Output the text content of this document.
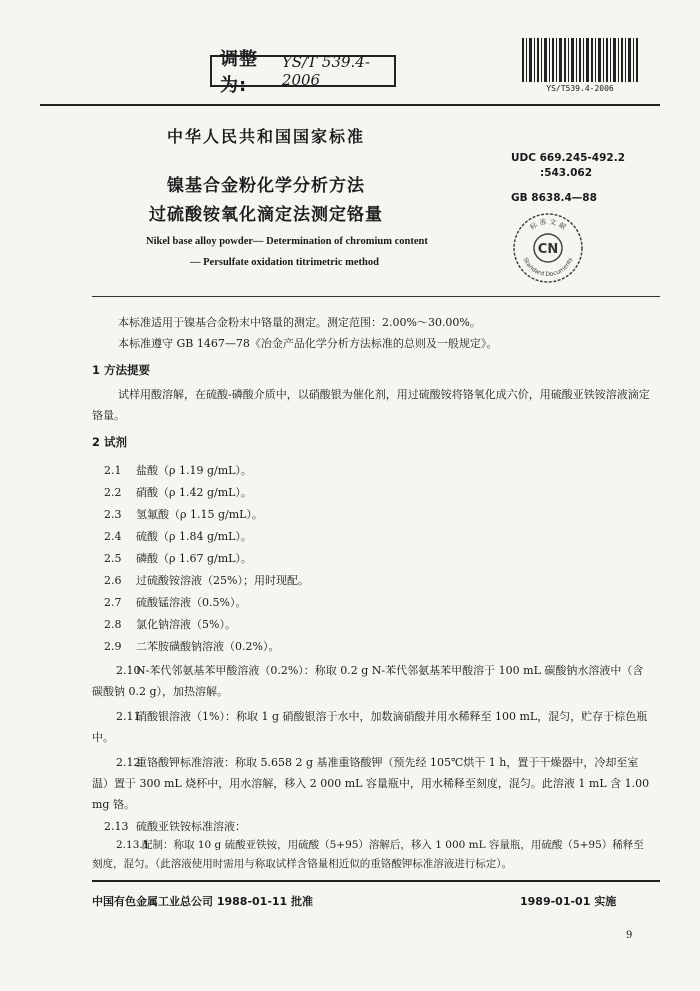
调整为:
YS/T 539.4-2006	YS/T539.4-2006
中华人民共和国国家标准
UDC 669.245-492.2
:543.062
镍基合金粉化学分析方法
GB 8638.4—88
过硫酸铵氧化滴定法测定铬量
Nikel base alloy powder— Determination of chromium content
— Persulfate oxidation titrimetric method
CN
标 准 文 献
Standard Documents
本标准适用于镍基合金粉末中铬量的测定。测定范围：2.00%～30.00%。
本标准遵守 GB 1467—78《冶金产品化学分析方法标准的总则及一般规定》。
1 方法提要
试样用酸溶解，在硫酸-磷酸介质中，以硝酸银为催化剂，用过硫酸铵将铬氧化成六价，用硫酸亚铁铵溶液滴定铬量。
2 试剂
2.1 盐酸（ρ 1.19 g/mL）。
2.2 硝酸（ρ 1.42 g/mL）。
2.3 氢氟酸（ρ 1.15 g/mL）。
2.4 硫酸（ρ 1.84 g/mL）。
2.5 磷酸（ρ 1.67 g/mL）。
2.6 过硫酸铵溶液（25%）；用时现配。
2.7 硫酸锰溶液（0.5%）。
2.8 氯化钠溶液（5%）。
2.9 二苯胺磺酸钠溶液（0.2%）。
2.10N-苯代邻氨基苯甲酸溶液（0.2%）：称取 0.2 g N-苯代邻氨基苯甲酸溶于 100 mL 碳酸钠水溶液中（含碳酸钠 0.2 g），加热溶解。
2.11硝酸银溶液（1%）：称取 1 g 硝酸银溶于水中，加数滴硝酸并用水稀释至 100 mL，混匀，贮存于棕色瓶中。
2.12重铬酸钾标准溶液：称取 5.658 2 g 基准重铬酸钾（预先经 105℃烘干 1 h，置于干燥器中，冷却至室温）置于 300 mL 烧杯中，用水溶解，移入 2 000 mL 容量瓶中，用水稀释至刻度，混匀。此溶液 1 mL 含 1.00 mg 铬。
2.13 硫酸亚铁铵标准溶液：
中国有色金属工业总公司 1988-01-11 批准	1989-01-01 实施
9
2.13.1配制：称取 10 g 硫酸亚铁铵，用硫酸（5+95）溶解后，移入 1 000 mL 容量瓶，用硫酸（5+95）稀释至刻度，混匀。（此溶液使用时需用与称取试样含铬量相近似的重铬酸钾标准溶液进行标定）。
